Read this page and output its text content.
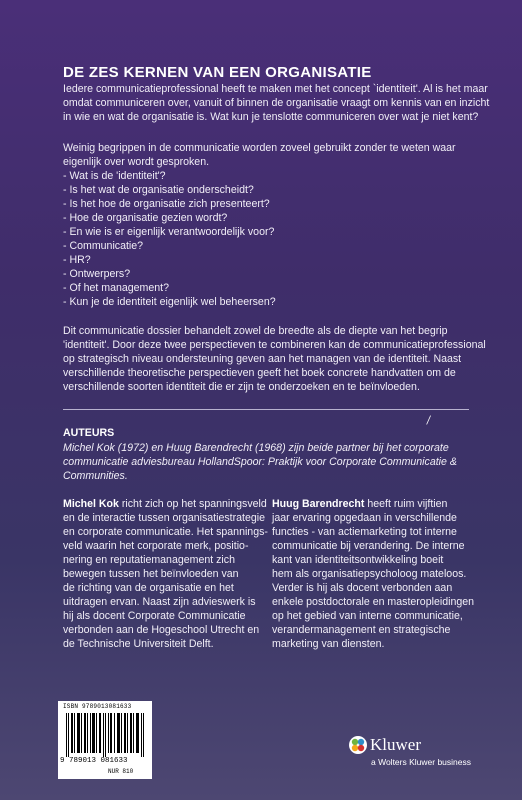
DE ZES KERNEN VAN EEN ORGANISATIE
Iedere communicatieprofessional heeft te maken met het concept `identiteit'. Al is het maar
omdat communiceren over, vanuit of binnen de organisatie vraagt om kennis van en inzicht
in wie en wat de organisatie is. Wat kun je tenslotte communiceren over wat je niet kent?
Weinig begrippen in de communicatie worden zoveel gebruikt zonder te weten waar
eigenlijk over wordt gesproken.
- Wat is de 'identiteit'?
- Is het wat de organisatie onderscheidt?
- Is het hoe de organisatie zich presenteert?
- Hoe de organisatie gezien wordt?
- En wie is er eigenlijk verantwoordelijk voor?
- Communicatie?
- HR?
- Ontwerpers?
- Of het management?
- Kun je de identiteit eigenlijk wel beheersen?
Dit communicatie dossier behandelt zowel de breedte als de diepte van het begrip
'identiteit'. Door deze twee perspectieven te combineren kan de communicatieprofessional
op strategisch niveau ondersteuning geven aan het managen van de identiteit. Naast
verschillende theoretische perspectieven geeft het boek concrete handvatten om de
verschillende soorten identiteit die er zijn te onderzoeken en te beïnvloeden.
⁄
AUTEURS
Michel Kok (1972) en Huug Barendrecht (1968) zijn beide partner bij het corporate
communicatie adviesbureau HollandSpoor: Praktijk voor Corporate Communicatie &
Communities.
Michel Kok richt zich op het spanningsveld
en de interactie tussen organisatiestrategie
en corporate communicatie. Het spannings-
veld waarin het corporate merk, positio-
nering en reputatiemanagement zich
bewegen tussen het beïnvloeden van
de richting van de organisatie en het
uitdragen ervan. Naast zijn advieswerk is
hij als docent Corporate Communicatie
verbonden aan de Hogeschool Utrecht en
de Technische Universiteit Delft.
Huug Barendrecht heeft ruim vijftien
jaar ervaring opgedaan in verschillende
functies - van actiemarketing tot interne
communicatie bij verandering. De interne
kant van identiteitsontwikkeling boeit
hem als organisatiepsycholoog mateloos.
Verder is hij als docent verbonden aan
enkele postdoctorale en masteropleidingen
op het gebied van interne communicatie,
verandermanagement en strategische
marketing van diensten.
ISBN 9789013081633
9 789013 081633
NUR 810
Kluwer
a Wolters Kluwer business
